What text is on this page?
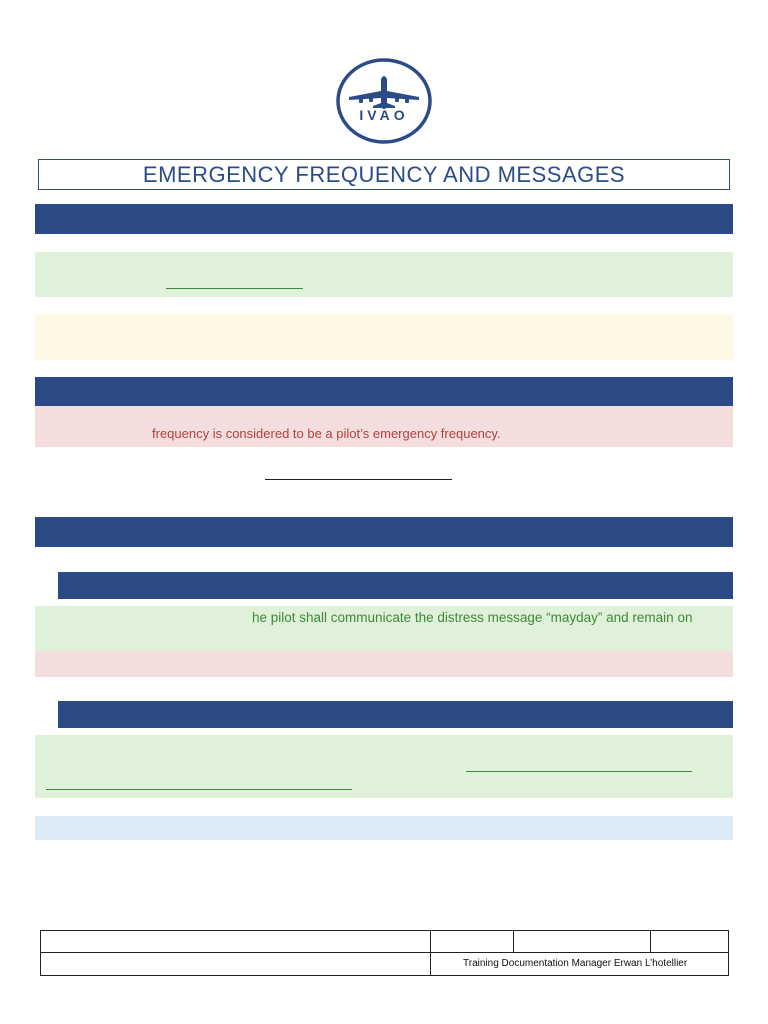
IVAO
EMERGENCY FREQUENCY AND MESSAGES
frequency is considered to be a pilot’s emergency frequency.
he pilot shall communicate the distress message “mayday” and remain on
Training Documentation Manager Erwan L’hotellier
